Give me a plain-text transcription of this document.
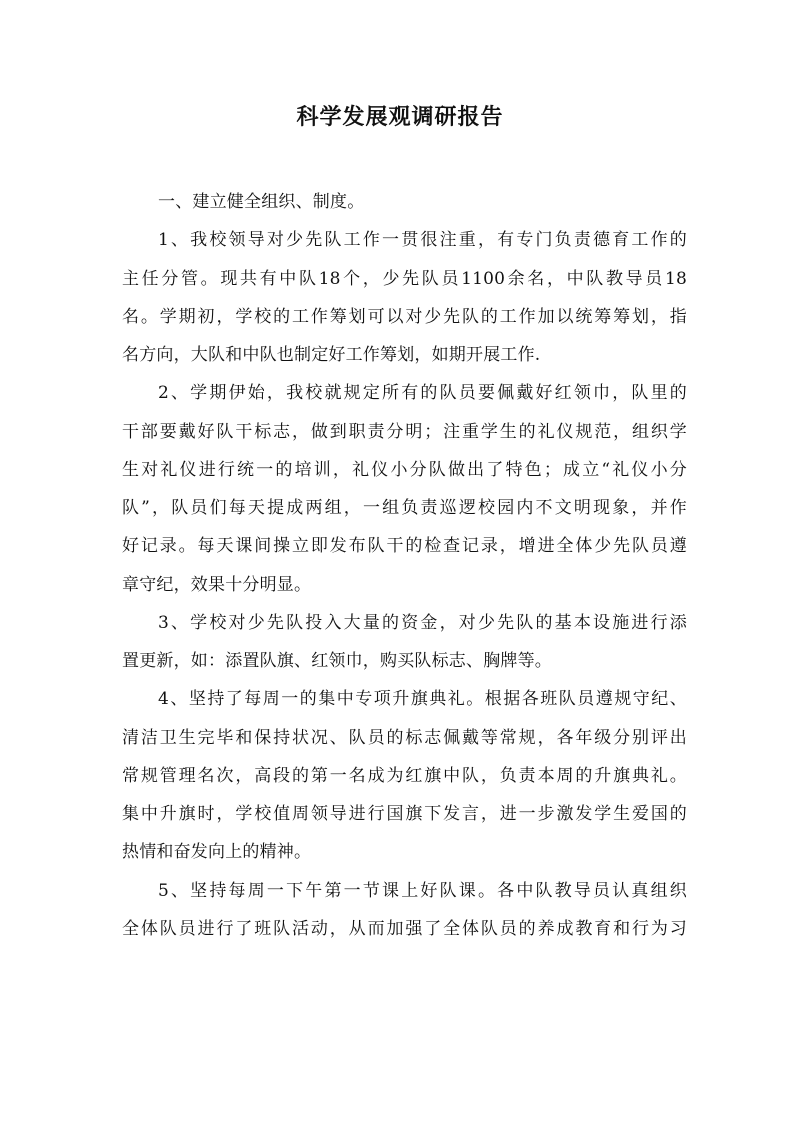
科学发展观调研报告
一、建立健全组织、制度。
1、我校领导对少先队工作一贯很注重，有专门负责德育工作的
主任分管。现共有中队18个，少先队员1100余名，中队教导员18
名。学期初，学校的工作筹划可以对少先队的工作加以统筹筹划，指
名方向，大队和中队也制定好工作筹划，如期开展工作.
2、学期伊始，我校就规定所有的队员要佩戴好红领巾，队里的
干部要戴好队干标志，做到职责分明；注重学生的礼仪规范，组织学
生对礼仪进行统一的培训，礼仪小分队做出了特色；成立“礼仪小分
队”，队员们每天提成两组，一组负责巡逻校园内不文明现象，并作
好记录。每天课间操立即发布队干的检查记录，增进全体少先队员遵
章守纪，效果十分明显。
3、学校对少先队投入大量的资金，对少先队的基本设施进行添
置更新，如：添置队旗、红领巾，购买队标志、胸牌等。
4、坚持了每周一的集中专项升旗典礼。根据各班队员遵规守纪、
清洁卫生完毕和保持状况、队员的标志佩戴等常规，各年级分别评出
常规管理名次，高段的第一名成为红旗中队，负责本周的升旗典礼。
集中升旗时，学校值周领导进行国旗下发言，进一步激发学生爱国的
热情和奋发向上的精神。
5、坚持每周一下午第一节课上好队课。各中队教导员认真组织
全体队员进行了班队活动，从而加强了全体队员的养成教育和行为习
